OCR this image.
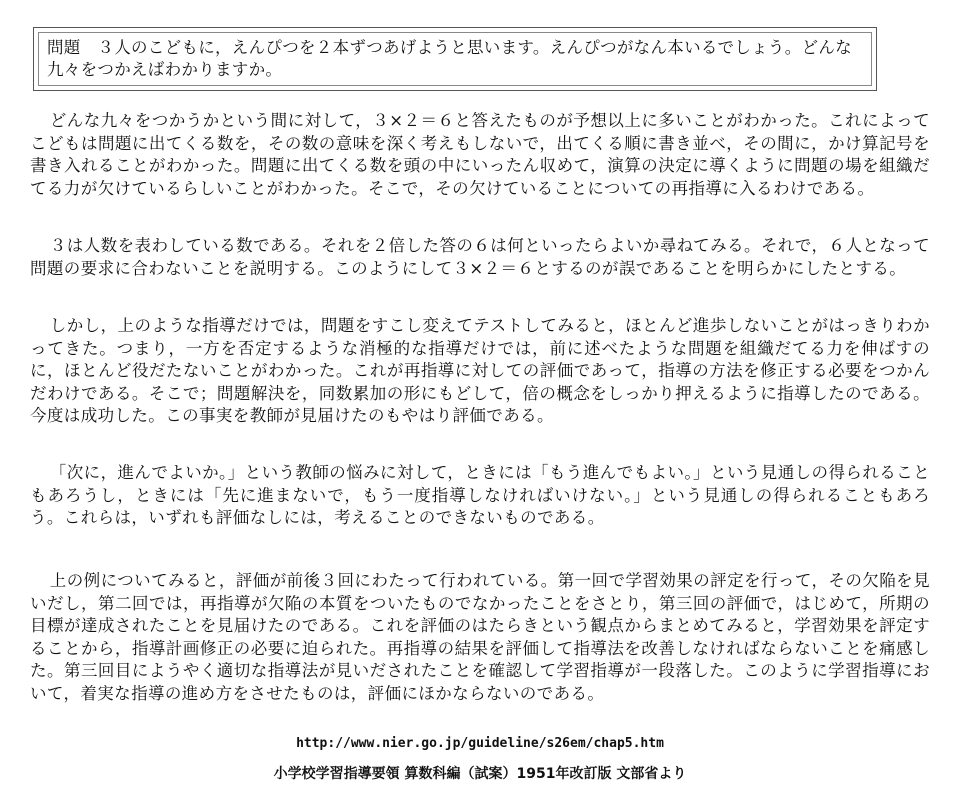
問題　３人のこどもに，えんぴつを２本ずつあげようと思います。えんぴつがなん本いるでしょう。どんな九々をつかえばわかりますか。

どんな九々をつかうかという間に対して，３×２＝６と答えたものが予想以上に多いことがわかった。これによってこどもは問題に出てくる数を，その数の意味を深く考えもしないで，出てくる順に書き並べ，その間に，かけ算記号を書き入れることがわかった。問題に出てくる数を頭の中にいったん収めて，演算の決定に導くように問題の場を組織だてる力が欠けているらしいことがわかった。そこで，その欠けていることについての再指導に入るわけである。

３は人数を表わしている数である。それを２倍した答の６は何といったらよいか尋ねてみる。それで，６人となって問題の要求に合わないことを説明する。このようにして３×２＝６とするのが誤であることを明らかにしたとする。

しかし，上のような指導だけでは，問題をすこし変えてテストしてみると，ほとんど進歩しないことがはっきりわかってきた。つまり，一方を否定するような消極的な指導だけでは，前に述べたような問題を組織だてる力を伸ばすのに，ほとんど役だたないことがわかった。これが再指導に対しての評価であって，指導の方法を修正する必要をつかんだわけである。そこで；問題解決を，同数累加の形にもどして，倍の概念をしっかり押えるように指導したのである。今度は成功した。この事実を教師が見届けたのもやはり評価である。

「次に，進んでよいか。」という教師の悩みに対して，ときには「もう進んでもよい。」という見通しの得られることもあろうし，ときには「先に進まないで，もう一度指導しなければいけない。」という見通しの得られることもあろう。これらは，いずれも評価なしには，考えることのできないものである。

上の例についてみると，評価が前後３回にわたって行われている。第一回で学習効果の評定を行って，その欠陥を見いだし，第二回では，再指導が欠陥の本質をついたものでなかったことをさとり，第三回の評価で，はじめて，所期の目標が達成されたことを見届けたのである。これを評価のはたらきという観点からまとめてみると，学習効果を評定することから，指導計画修正の必要に迫られた。再指導の結果を評価して指導法を改善しなければならないことを痛感した。第三回目にようやく適切な指導法が見いだされたことを確認して学習指導が一段落した。このように学習指導において，着実な指導の進め方をさせたものは，評価にほかならないのである。

http://www.nier.go.jp/guideline/s26em/chap5.htm
小学校学習指導要領 算数科編（試案）1951年改訂版 文部省より
